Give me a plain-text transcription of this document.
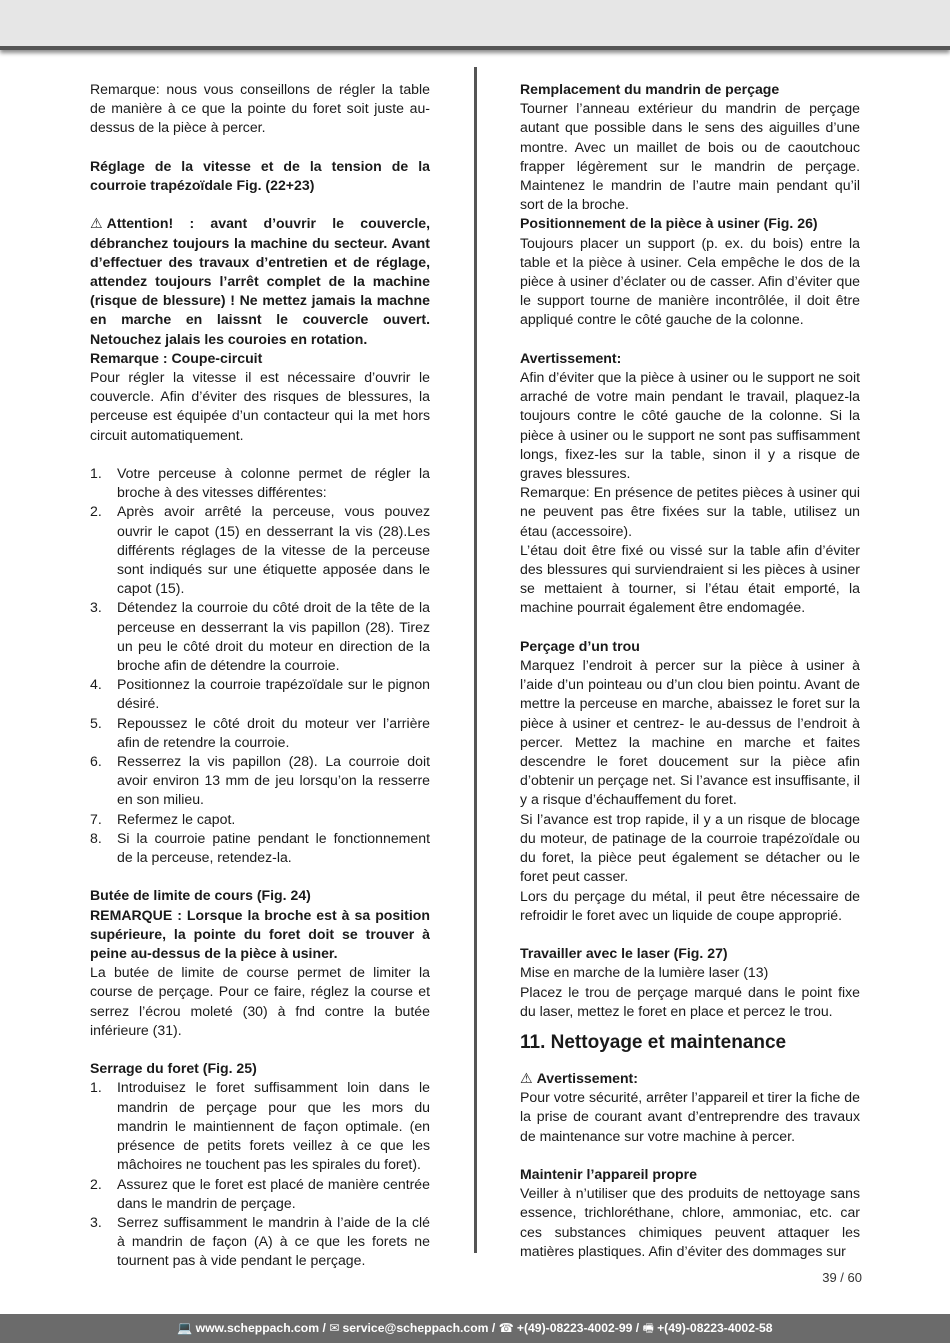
Remarque: nous vous conseillons de régler la table de manière à ce que la pointe du foret soit juste au-dessus de la pièce à percer.

Réglage de la vitesse et de la tension de la courroie trapézoïdale Fig. (22+23)

⚠ Attention! : avant d’ouvrir le couvercle, débranchez toujours la machine du secteur. Avant d’effectuer des travaux d’entretien et de réglage, attendez toujours l’arrêt complet de la machine (risque de blessure) ! Ne mettez jamais la machne en marche en laissnt le couvercle ouvert. Netouchez jalais les couroies en rotation.

Remarque : Coupe-circuit

Pour régler la vitesse il est nécessaire d’ouvrir le couvercle. Afin d’éviter des risques de blessures, la perceuse est équipée d’un contacteur qui la met hors circuit automatiquement.

1. Votre perceuse à colonne permet de régler la broche à des vitesses différentes:
2. Après avoir arrêté la perceuse, vous pouvez ouvrir le capot (15) en desserrant la vis (28).Les différents réglages de la vitesse de la perceuse sont indiqués sur une étiquette apposée dans le capot (15).
3. Détendez la courroie du côté droit de la tête de la perceuse en desserrant la vis papillon (28). Tirez un peu le côté droit du moteur en direction de la broche afin de détendre la courroie.
4. Positionnez la courroie trapézoïdale sur le pignon désiré.
5. Repoussez le côté droit du moteur ver l’arrière afin de retendre la courroie.
6. Resserrez la vis papillon (28). La courroie doit avoir environ 13 mm de jeu lorsqu’on la resserre en son milieu.
7. Refermez le capot.
8. Si la courroie patine pendant le fonctionnement de la perceuse, retendez-la.

Butée de limite de cours (Fig. 24)

REMARQUE : Lorsque la broche est à sa position supérieure, la pointe du foret doit se trouver à peine au-dessus de la pièce à usiner.

La butée de limite de course permet de limiter la course de perçage. Pour ce faire, réglez la course et serrez l’écrou moleté (30) à fnd contre la butée inférieure (31).

Serrage du foret (Fig. 25)

1. Introduisez le foret suffisamment loin dans le mandrin de perçage pour que les mors du mandrin le maintiennent de façon optimale. (en présence de petits forets veillez à ce que les mâchoires ne touchent pas les spirales du foret).
2. Assurez que le foret est placé de manière centrée dans le mandrin de perçage.
3. Serrez suffisamment le mandrin à l’aide de la clé à mandrin de façon (A) à ce que les forets ne tournent pas à vide pendant le perçage.

Remplacement du mandrin de perçage

Tourner l’anneau extérieur du mandrin de perçage autant que possible dans le sens des aiguilles d’une montre. Avec un maillet de bois ou de caoutchouc frapper légèrement sur le mandrin de perçage. Maintenez le mandrin de l’autre main pendant qu’il sort de la broche.

Positionnement de la pièce à usiner (Fig. 26)

Toujours placer un support (p. ex. du bois) entre la table et la pièce à usiner. Cela empêche le dos de la pièce à usiner d’éclater ou de casser. Afin d’éviter que le support tourne de manière incontrôlée, il doit être appliqué contre le côté gauche de la colonne.

Avertissement:

Afin d’éviter que la pièce à usiner ou le support ne soit arraché de votre main pendant le travail, plaquez-la toujours contre le côté gauche de la colonne. Si la pièce à usiner ou le support ne sont pas suffisamment longs, fixez-les sur la table, sinon il y a risque de graves blessures.

Remarque: En présence de petites pièces à usiner qui ne peuvent pas être fixées sur la table, utilisez un étau (accessoire).

L’étau doit être fixé ou vissé sur la table afin d’éviter des blessures qui surviendraient si les pièces à usiner se mettaient à tourner, si l’étau était emporté, la machine pourrait également être endomagée.

Perçage d’un trou

Marquez l’endroit à percer sur la pièce à usiner à l’aide d’un pointeau ou d’un clou bien pointu. Avant de mettre la perceuse en marche, abaissez le foret sur la pièce à usiner et centrez- le au-dessus de l’endroit à percer. Mettez la machine en marche et faites descendre le foret doucement sur la pièce afin d’obtenir un perçage net. Si l’avance est insuffisante, il y a risque d’échauffement du foret.

Si l’avance est trop rapide, il y a un risque de blocage du moteur, de patinage de la courroie trapézoïdale ou du foret, la pièce peut également se détacher ou le foret peut casser.

Lors du perçage du métal, il peut être nécessaire de refroidir le foret avec un liquide de coupe approprié.

Travailler avec le laser (Fig. 27)

Mise en marche de la lumière laser (13)

Placez le trou de perçage marqué dans le point fixe du laser, mettez le foret en place et percez le trou.

11. Nettoyage et maintenance

⚠ Avertissement:

Pour votre sécurité, arrêter l’appareil et tirer la fiche de la prise de courant avant d’entreprendre des travaux de maintenance sur votre machine à percer.

Maintenir l’appareil propre

Veiller à n’utiliser que des produits de nettoyage sans essence, trichloréthane, chlore, ammoniac, etc. car ces substances chimiques peuvent attaquer les matières plastiques. Afin d’éviter des dommages sur

39 / 60
💻 www.scheppach.com / ✉ service@scheppach.com / ☎ +(49)-08223-4002-99 / 🖷 +(49)-08223-4002-58
